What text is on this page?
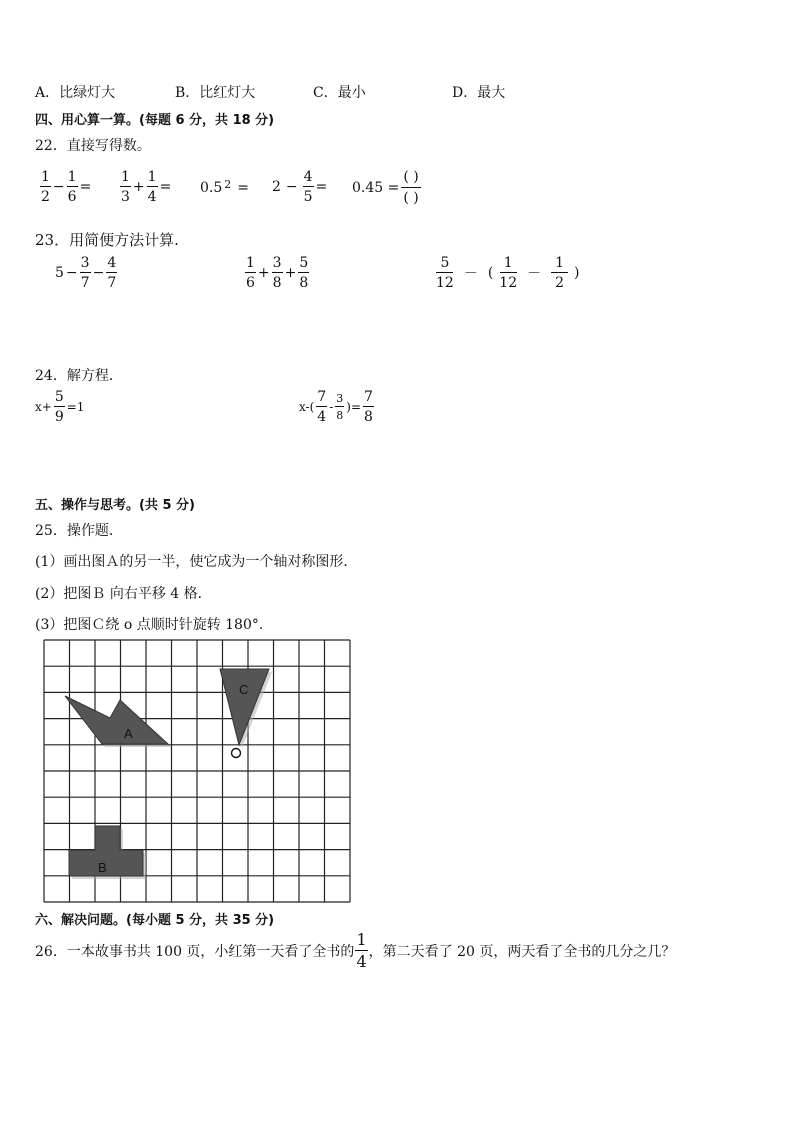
A．比绿灯大	B．比红灯大	C．最小	D．最大
四、用心算一算。(每题 6 分，共 18 分)
22．直接写得数。
$\frac{1}{2} - \frac{1}{6} = \frac{1}{3} + \frac{1}{4} = 0.5^2 = 2 - \frac{4}{5} = 0.45$ =
( )
( )
23．用简便方法计算.
$5 - \frac{3}{7} - \frac{4}{7}$	$\frac{1}{6} + \frac{3}{8} + \frac{5}{8}$	$\frac{5}{12}$ － ( $\frac{1}{12} - \frac{1}{2}$ )
24．解方程．
$x+ \frac{5}{9} =1$	$x-( \frac{7}{4} - \frac{3}{8}$ )= $\frac{7}{8}$
五、操作与思考。(共 5 分)
25．操作题．
(1）画出图Ａ的另一半，使它成为一个轴对称图形．
(2）把图Ｂ 向右平移 4 格．
(3）把图Ｃ绕 o 点顺时针旋转 180°.
A
B
C
六、解决问题。(每小题 5 分，共 35 分)
26．一本故事书共 100 页，小红第一天看了全书的 $\frac{1}{4}$ ，第二天看了 20 页，两天看了全书的几分之几？
